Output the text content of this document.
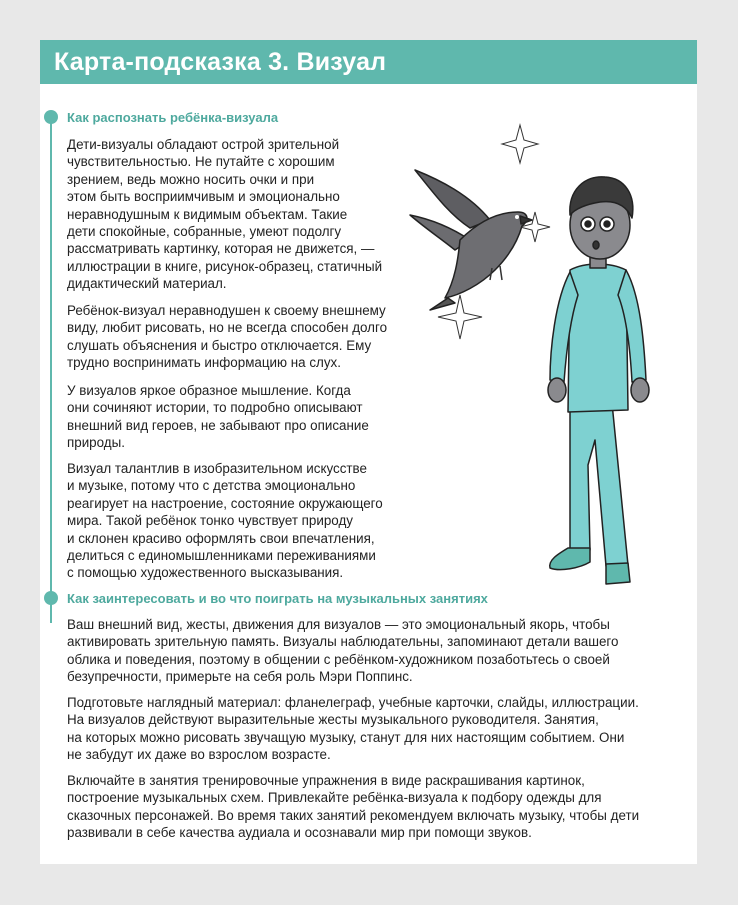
Карта-подсказка 3. Визуал
Как распознать ребёнка-визуала

Дети-визуалы обладают острой зрительной
чувствительностью. Не путайте с хорошим
зрением, ведь можно носить очки и при
этом быть восприимчивым и эмоционально
неравнодушным к видимым объектам. Такие
дети спокойные, собранные, умеют подолгу
рассматривать картинку, которая не движется, —
иллюстрации в книге, рисунок-образец, статичный
дидактический материал.

Ребёнок-визуал неравнодушен к своему внешнему
виду, любит рисовать, но не всегда способен долго
слушать объяснения и быстро отключается. Ему
трудно воспринимать информацию на слух.

У визуалов яркое образное мышление. Когда
они сочиняют истории, то подробно описывают
внешний вид героев, не забывают про описание
природы.

Визуал талантлив в изобразительном искусстве
и музыке, потому что с детства эмоционально
реагирует на настроение, состояние окружающего
мира. Такой ребёнок тонко чувствует природу
и склонен красиво оформлять свои впечатления,
делиться с единомышленниками переживаниями
с помощью художественного высказывания.

Как заинтересовать и во что поиграть на музыкальных занятиях

Ваш внешний вид, жесты, движения для визуалов — это эмоциональный якорь, чтобы
активировать зрительную память. Визуалы наблюдательны, запоминают детали вашего
облика и поведения, поэтому в общении с ребёнком-художником позаботьтесь о своей
безупречности, примерьте на себя роль Мэри Поппинс.

Подготовьте наглядный материал: фланелеграф, учебные карточки, слайды, иллюстрации.
На визуалов действуют выразительные жесты музыкального руководителя. Занятия,
на которых можно рисовать звучащую музыку, станут для них настоящим событием. Они
не забудут их даже во взрослом возрасте.

Включайте в занятия тренировочные упражнения в виде раскрашивания картинок,
построение музыкальных схем. Привлекайте ребёнка-визуала к подбору одежды для
сказочных персонажей. Во время таких занятий рекомендуем включать музыку, чтобы дети
развивали в себе качества аудиала и осознавали мир при помощи звуков.
